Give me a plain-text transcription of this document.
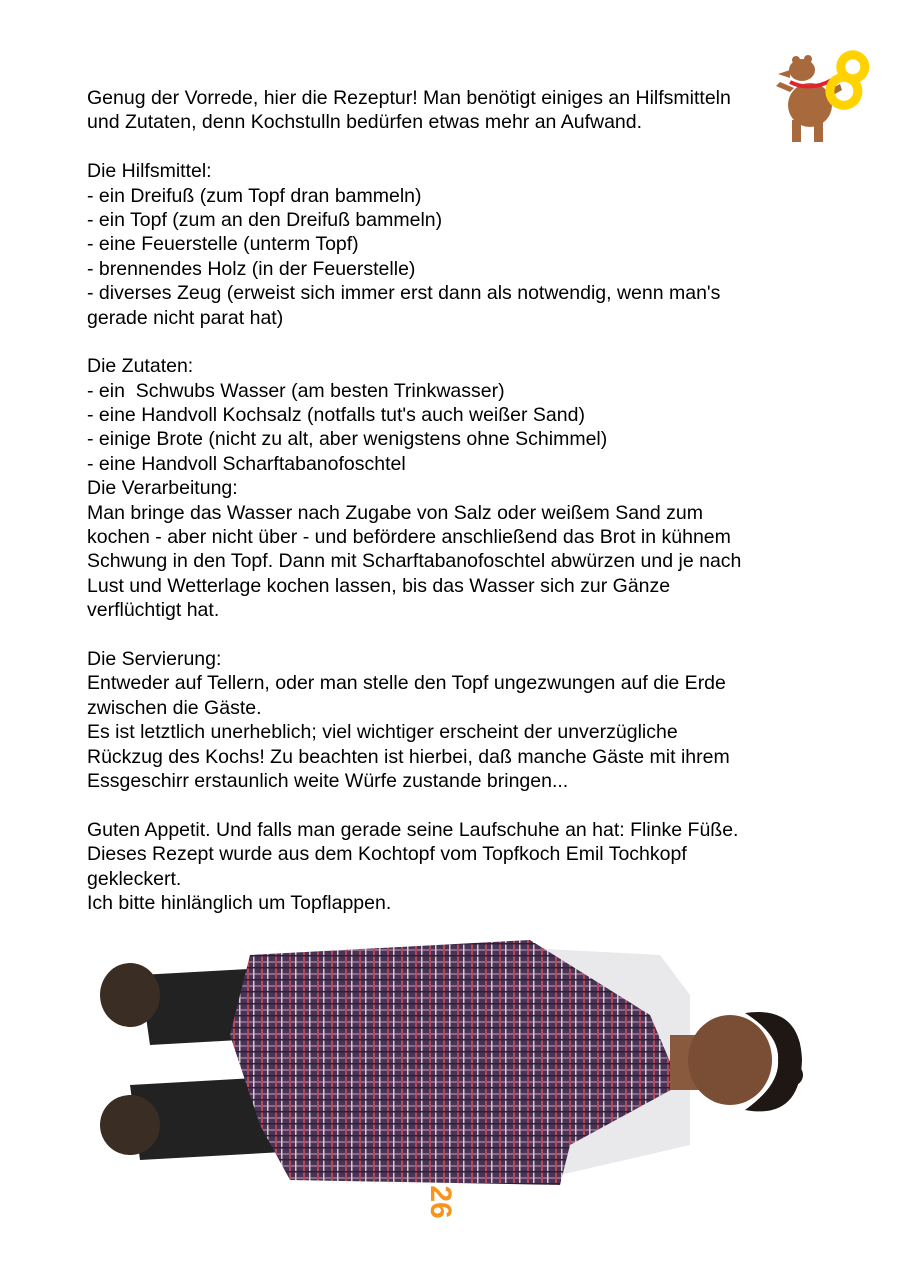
Genug der Vorrede, hier die Rezeptur! Man benötigt einiges an Hilfsmitteln
und Zutaten, denn Kochstulln bedürfen etwas mehr an Aufwand.
Die Hilfsmittel:
- ein Dreifuß (zum Topf dran bammeln)
- ein Topf (zum an den Dreifuß bammeln)
- eine Feuerstelle (unterm Topf)
- brennendes Holz (in der Feuerstelle)
- diverses Zeug (erweist sich immer erst dann als notwendig, wenn man's
gerade nicht parat hat)
Die Zutaten:
- ein  Schwubs Wasser (am besten Trinkwasser)
- eine Handvoll Kochsalz (notfalls tut's auch weißer Sand)
- einige Brote (nicht zu alt, aber wenigstens ohne Schimmel)
- eine Handvoll Scharftabanofoschtel
Die Verarbeitung:
Man bringe das Wasser nach Zugabe von Salz oder weißem Sand zum
kochen - aber nicht über - und befördere anschließend das Brot in kühnem
Schwung in den Topf. Dann mit Scharftabanofoschtel abwürzen und je nach
Lust und Wetterlage kochen lassen, bis das Wasser sich zur Gänze
verflüchtigt hat.
Die Servierung:
Entweder auf Tellern, oder man stelle den Topf ungezwungen auf die Erde
zwischen die Gäste.
Es ist letztlich unerheblich; viel wichtiger erscheint der unverzügliche
Rückzug des Kochs! Zu beachten ist hierbei, daß manche Gäste mit ihrem
Essgeschirr erstaunlich weite Würfe zustande bringen...
Guten Appetit. Und falls man gerade seine Laufschuhe an hat: Flinke Füße.
Dieses Rezept wurde aus dem Kochtopf vom Topfkoch Emil Tochkopf
gekleckert.
Ich bitte hinlänglich um Topflappen.
26
